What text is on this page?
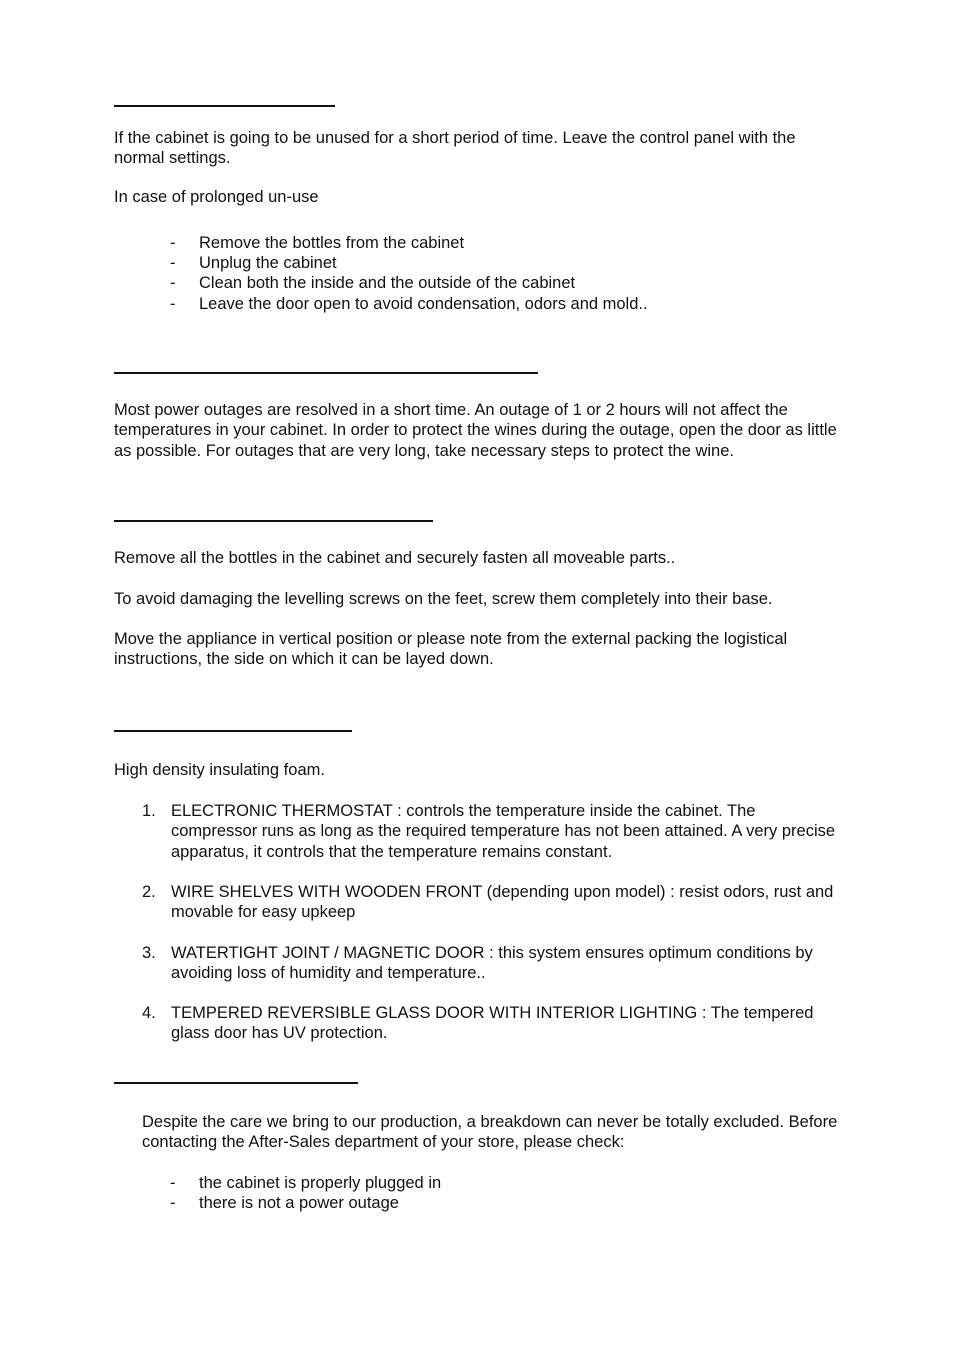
If the cabinet is going to be unused for a short period of time. Leave the control panel with the normal settings.

In case of prolonged un-use

- Remove the bottles from the cabinet
- Unplug the cabinet
- Clean both the inside and the outside of the cabinet
- Leave the door open to avoid condensation, odors and mold..

Most power outages are resolved in a short time. An outage of 1 or 2 hours will not affect the temperatures in your cabinet. In order to protect the wines during the outage, open the door as little as possible. For outages that are very long, take necessary steps to protect the wine.

Remove all the bottles in the cabinet and securely fasten all moveable parts..

To avoid damaging the levelling screws on the feet, screw them completely into their base.

Move the appliance in vertical position or please note from the external packing the logistical instructions, the side on which it can be layed down.

High density insulating foam.

1. ELECTRONIC THERMOSTAT : controls the temperature inside the cabinet. The compressor runs as long as the required temperature has not been attained. A very precise apparatus, it controls that the temperature remains constant.
2. WIRE SHELVES WITH WOODEN FRONT (depending upon model) : resist odors, rust and movable for easy upkeep
3. WATERTIGHT JOINT / MAGNETIC DOOR : this system ensures optimum conditions by avoiding loss of humidity and temperature..
4. TEMPERED REVERSIBLE GLASS DOOR WITH INTERIOR LIGHTING : The tempered glass door has UV protection.

Despite the care we bring to our production, a breakdown can never be totally excluded. Before contacting the After-Sales department of your store, please check:

- the cabinet is properly plugged in
- there is not a power outage
